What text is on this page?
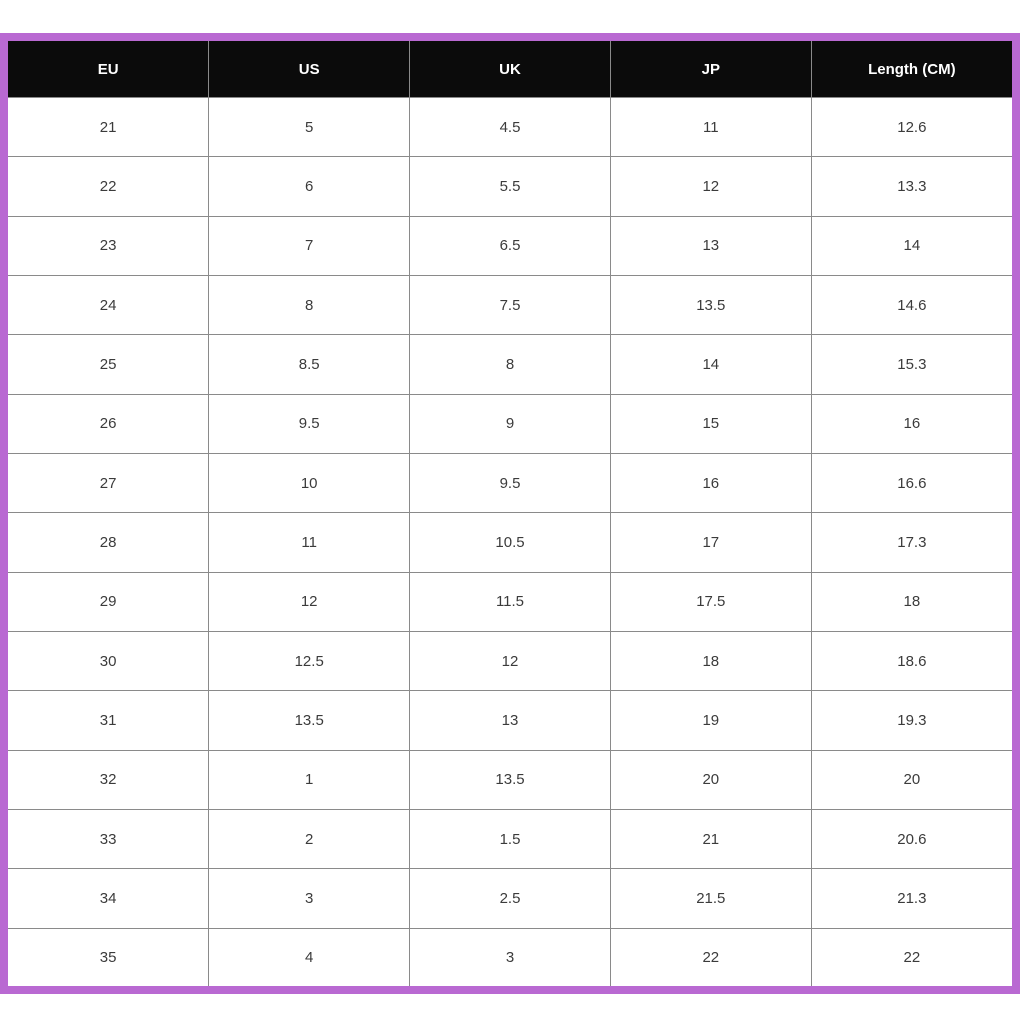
EU	US	UK	JP	Length (CM)
21	5	4.5	11	12.6
22	6	5.5	12	13.3
23	7	6.5	13	14
24	8	7.5	13.5	14.6
25	8.5	8	14	15.3
26	9.5	9	15	16
27	10	9.5	16	16.6
28	11	10.5	17	17.3
29	12	11.5	17.5	18
30	12.5	12	18	18.6
31	13.5	13	19	19.3
32	1	13.5	20	20
33	2	1.5	21	20.6
34	3	2.5	21.5	21.3
35	4	3	22	22
